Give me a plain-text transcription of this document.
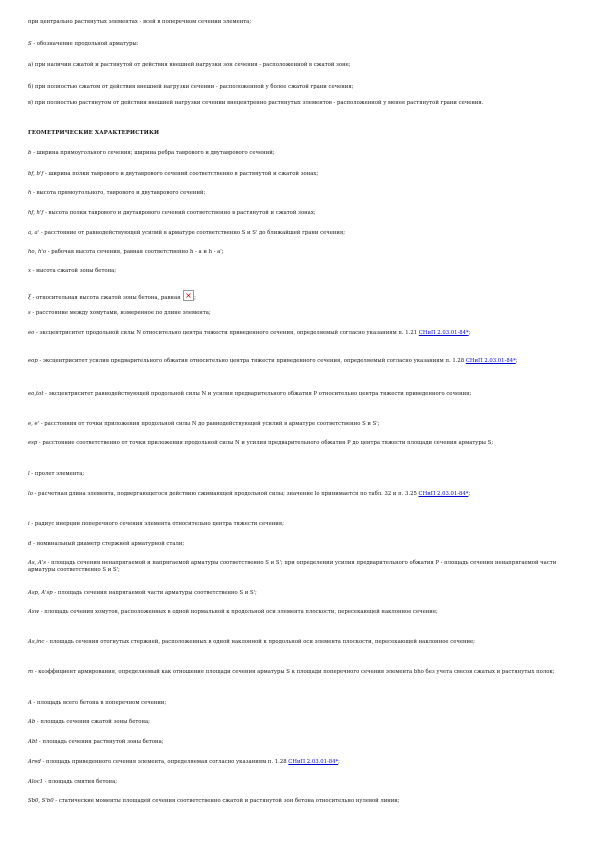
при центрально растянутых элементах - всей в поперечном сечении элемента;
S - обозначение продольной арматуры:
а) при наличии сжатой и растянутой от действия внешней нагрузки зон сечения - расположенной в сжатой зоне;
б) при полностью сжатом от действия внешней нагрузки сечении - расположенной у более сжатой грани сечения;
в) при полностью растянутом от действия внешней нагрузки сечении внецентренно растянутых элементов - расположенной у менее растянутой грани сечения.
ГЕОМЕТРИЧЕСКИЕ ХАРАКТЕРИСТИКИ
b - ширина прямоугольного сечения; ширина ребра таврового и двутаврового сечений;
bf, b'f - ширина полки таврового и двутаврового сечений соответственно в растянутой и сжатой зонах;
h - высота прямоугольного, таврового и двутаврового сечений;
hf, h'f - высота полки таврового и двутаврового сечений соответственно в растянутой и сжатой зонах;
a, a' - расстояние от равнодействующей усилий в арматуре соответственно S и S' до ближайшей грани сечения;
ho, h'o - рабочая высота сечения, равная соответственно h - a и h - a';
x - высота сжатой зоны бетона;
ξ - относительная высота сжатой зоны бетона, равная ×;
s - расстояние между хомутами, измеренное по длине элемента;
eo - эксцентриситет продольной силы N относительно центра тяжести приведенного сечения, определяемый согласно указаниям п. 1.21 СНиП 2.03.01-84*;
eop - эксцентриситет усилия предварительного обжатия относительно центра тяжести приведенного сечения, определяемый согласно указаниям п. 1.28 СНиП 2.03.01-84*;
eo,tot - эксцентриситет равнодействующей продольной силы N и усилия предварительного обжатия P относительно центра тяжести приведенного сечения;
e, e' - расстояния от точки приложения продольной силы N до равнодействующей усилий в арматуре соответственно S и S';
esp - расстояние соответственно от точки приложения продольной силы N и усилия предварительного обжатия P до центра тяжести площади сечения арматуры S;
l - пролет элемента;
lo - расчетная длина элемента, подвергающегося действию сжимающей продольной силы; значение lo принимается по табл. 32 и п. 3.25 СНиП 2.03.01-84*;
i - радиус инерции поперечного сечения элемента относительно центра тяжести сечения;
d - номинальный диаметр стержней арматурной стали;
As, A's - площадь сечения ненапрягаемой и напрягаемой арматуры соответственно S и S'; при определении усилия предварительного обжатия P - площадь сечения ненапрягаемой части арматуры соответственно S и S';
Asp, A'sp - площадь сечения напрягаемой части арматуры соответственно S и S';
Asw - площадь сечения хомутов, расположенных в одной нормальной к продольной оси элемента плоскости, пересекающей наклонное сечение;
As,inc - площадь сечения отогнутых стержней, расположенных в одной наклонной к продольной оси элемента плоскости, пересекающей наклонное сечение;
m - коэффициент армирования, определяемый как отношение площади сечения арматуры S к площади поперечного сечения элемента bho без учета свесов сжатых и растянутых полок;
A - площадь всего бетона в поперечном сечении;
Ab - площадь сечения сжатой зоны бетона;
Abt - площадь сечения растянутой зоны бетона;
Ared - площадь приведенного сечения элемента, определяемая согласно указаниям п. 1.28 СНиП 2.03.01-84*;
Aloc1 - площадь смятия бетона;
Sb0, S'b0 - статические моменты площадей сечения соответственно сжатой и растянутой зон бетона относительно нулевой линии;
